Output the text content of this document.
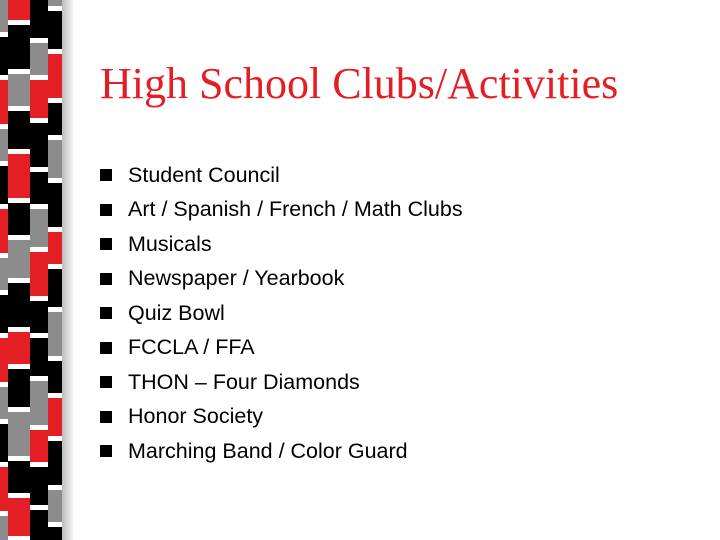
High School Clubs/Activities
Student Council
Art / Spanish / French / Math Clubs
Musicals
Newspaper / Yearbook
Quiz Bowl
FCCLA / FFA
THON – Four Diamonds
Honor Society
Marching Band / Color Guard
